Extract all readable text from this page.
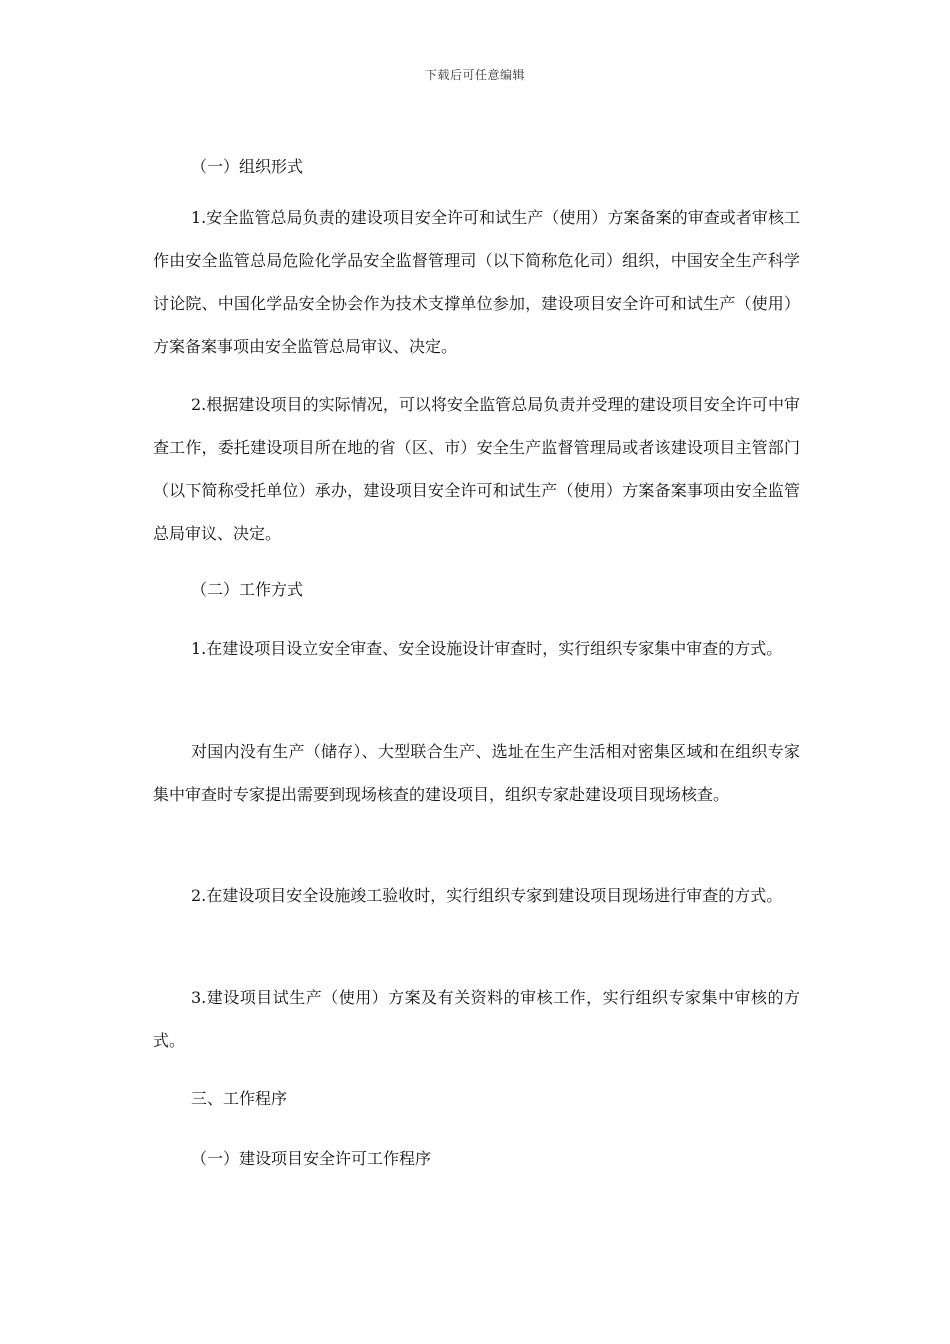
下载后可任意编辑

（一）组织形式

1.安全监管总局负责的建设项目安全许可和试生产（使用）方案备案的审查或者审核工作由安全监管总局危险化学品安全监督管理司（以下简称危化司）组织，中国安全生产科学讨论院、中国化学品安全协会作为技术支撑单位参加，建设项目安全许可和试生产（使用）方案备案事项由安全监管总局审议、决定。

2.根据建设项目的实际情况，可以将安全监管总局负责并受理的建设项目安全许可中审查工作，委托建设项目所在地的省（区、市）安全生产监督管理局或者该建设项目主管部门（以下简称受托单位）承办，建设项目安全许可和试生产（使用）方案备案事项由安全监管总局审议、决定。

（二）工作方式

1.在建设项目设立安全审查、安全设施设计审查时，实行组织专家集中审查的方式。

对国内没有生产（储存）、大型联合生产、选址在生产生活相对密集区域和在组织专家集中审查时专家提出需要到现场核查的建设项目，组织专家赴建设项目现场核查。

2.在建设项目安全设施竣工验收时，实行组织专家到建设项目现场进行审查的方式。

3.建设项目试生产（使用）方案及有关资料的审核工作，实行组织专家集中审核的方式。

三、工作程序

（一）建设项目安全许可工作程序
